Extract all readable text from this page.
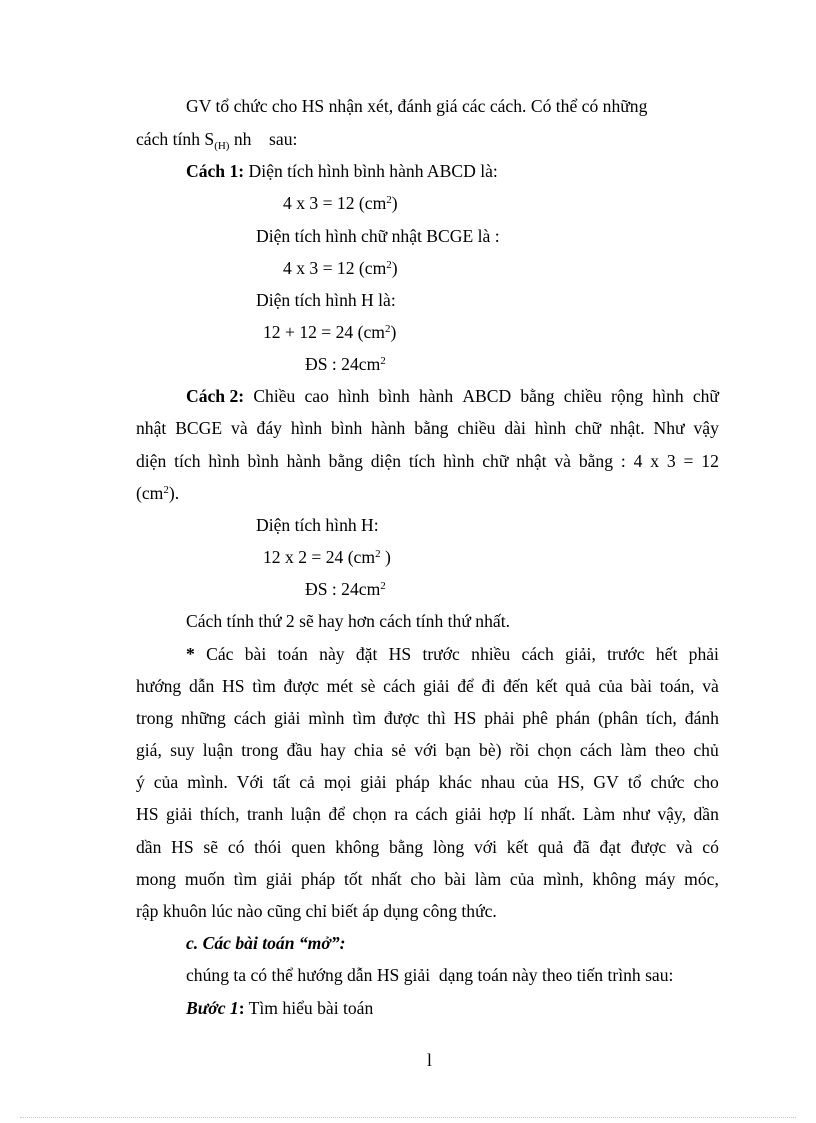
GV tổ chức cho HS nhận xét, đánh giá các cách. Có thể có những
cách tính $S_{(H)}$ nh    sau:
Cách 1: Diện tích hình bình hành ABCD là:
4 x 3 = 12 $(cm^2)$
Diện tích hình chữ nhật BCGE là :
4 x 3 = 12 $(cm^2)$
Diện tích hình H là:
12 + 12 = 24 $(cm^2)$
ĐS : $24cm^2$
Cách 2: Chiều cao hình bình hành ABCD bằng chiều rộng hình chữ
nhật BCGE và đáy hình bình hành bằng chiều dài hình chữ nhật. Như vậy
diện tích hình bình hành bằng diện tích hình chữ nhật và bằng : 4 x 3 = 12
$(cm^2)$.
Diện tích hình H:
12 x 2 = 24 ($cm^2$ )
ĐS : $24cm^2$
Cách tính thứ 2 sẽ hay hơn cách tính thứ nhất.
* Các bài toán này đặt HS trước nhiều cách giải, trước hết phải
hướng dẫn HS tìm được mét sè cách giải để đi đến kết quả của bài toán, và
trong những cách giải mình tìm được thì HS phải phê phán (phân tích, đánh
giá, suy luận trong đầu hay chia sẻ với bạn bè) rồi chọn cách làm theo chủ
ý của mình. Với tất cả mọi giải pháp khác nhau của HS, GV tổ chức cho
HS giải thích, tranh luận để chọn ra cách giải hợp lí nhất. Làm như vậy, dần
dần HS sẽ có thói quen không bằng lòng với kết quả đã đạt được và có
mong muốn tìm giải pháp tốt nhất cho bài làm của mình, không máy móc,
rập khuôn lúc nào cũng chỉ biết áp dụng công thức.
c. Các bài toán “mở”:
chúng ta có thể hướng dẫn HS giải  dạng toán này theo tiến trình sau:
Bước 1: Tìm hiểu bài toán
l
